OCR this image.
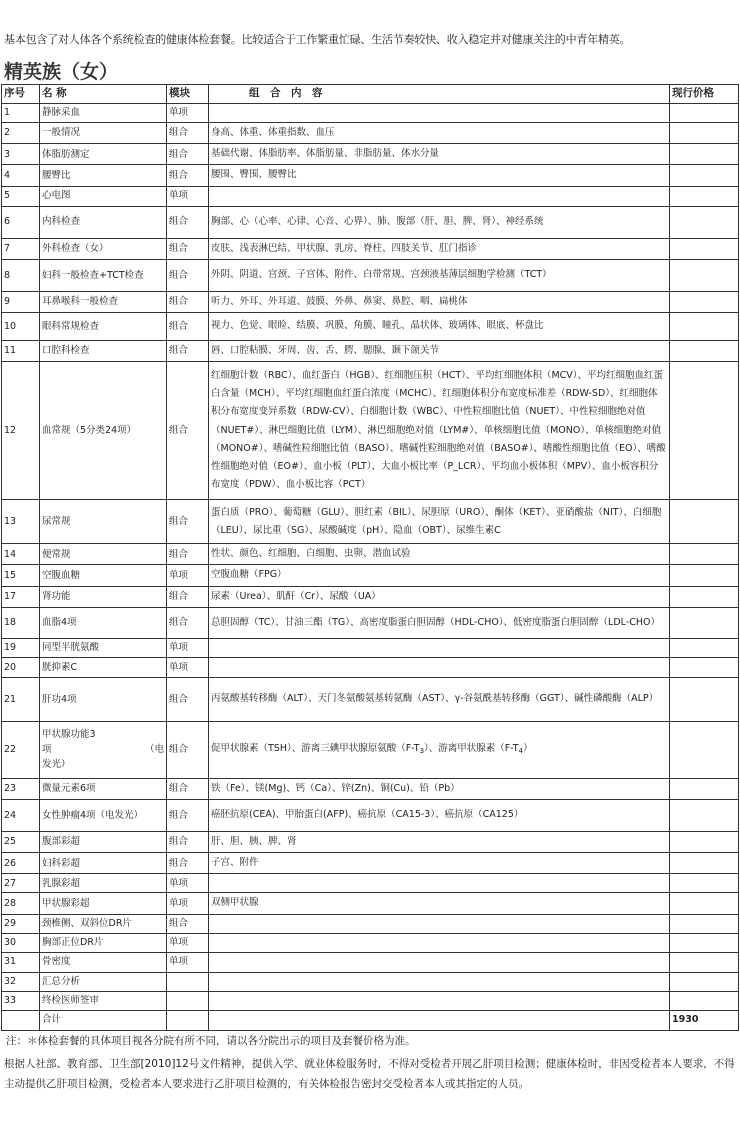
基本包含了对人体各个系统检查的健康体检套餐。比较适合于工作繁重忙碌、生活节奏较快、收入稳定并对健康关注的中青年精英。
精英族（女）
序号	名 称	模块	组　合　内　容	现行价格
1	静脉采血	单项		
2	一般情况	组合	身高、体重、体重指数、血压	
3	体脂肪测定	组合	基础代谢、体脂肪率、体脂肪量、非脂肪量、体水分量	
4	腰臀比	组合	腰围、臀围、腰臀比	
5	心电图	单项		
6	内科检查	组合	胸部、心（心率、心律、心音、心界）、肺、腹部（肝、胆、脾、肾）、神经系统	
7	外科检查（女）	组合	皮肤、浅表淋巴结、甲状腺、乳房、脊柱、四肢关节、肛门指诊	
8	妇科一般检查+TCT检查	组合	外阴、阴道、宫颈、子宫体、附件、白带常规、宫颈液基薄层细胞学检测（TCT）	
9	耳鼻喉科一般检查	组合	听力、外耳、外耳道、鼓膜、外鼻、鼻窦、鼻腔、咽、扁桃体	
10	眼科常规检查	组合	视力、色觉、眼睑、结膜、巩膜、角膜、瞳孔、晶状体、玻璃体、眼底、杯盘比	
11	口腔科检查	组合	唇、口腔粘膜、牙周、齿、舌、腭、腮腺、颞下颌关节	
12	血常规（5分类24项）	组合	红细胞计数（RBC）、血红蛋白（HGB）、红细胞压积（HCT）、平均红细胞体积（MCV）、平均红细胞血红蛋白含量（MCH）、平均红细胞血红蛋白浓度（MCHC）、红细胞体积分布宽度标准差（RDW-SD）、红细胞体积分布宽度变异系数（RDW-CV）、白细胞计数（WBC）、中性粒细胞比值（NUET）、中性粒细胞绝对值（NUET#）、淋巴细胞比值（LYM）、淋巴细胞绝对值（LYM#）、单核细胞比值（MONO）、单核细胞绝对值（MONO#）、嗜碱性粒细胞比值（BASO）、嗜碱性粒细胞绝对值（BASO#）、嗜酸性细胞比值（EO）、嗜酸性细胞绝对值（EO#）、血小板（PLT）、大血小板比率（P_LCR）、平均血小板体积（MPV）、血小板容积分布宽度（PDW）、血小板比容（PCT）	
13	尿常规	组合	蛋白质（PRO）、葡萄糖（GLU）、胆红素（BIL）、尿胆原（URO）、酮体（KET）、亚硝酸盐（NIT）、白细胞（LEU）、尿比重（SG）、尿酸碱度（pH）、隐血（OBT）、尿维生素C	
14	便常规	组合	性状、颜色、红细胞、白细胞、虫卵、潜血试验	
15	空腹血糖	单项	空腹血糖（FPG）	
17	肾功能	组合	尿素（Urea）、肌酐（Cr）、尿酸（UA）	
18	血脂4项	组合	总胆固醇（TC）、甘油三酯（TG）、高密度脂蛋白胆固醇（HDL-CHO）、低密度脂蛋白胆固醇（LDL-CHO）	
19	同型半胱氨酸	单项		
20	胱抑素C	单项		
21	肝功4项	组合	丙氨酸基转移酶（ALT）、天门冬氨酸氨基转氨酶（AST）、γ-谷氨酰基转移酶（GGT）、碱性磷酸酶（ALP）	
22	甲状腺功能3
项 （电
发光）	组合	促甲状腺素（TSH）、游离三碘甲状腺原氨酸$(F-T_3)$、游离甲状腺素$(F-T_4)$	
23	微量元素6项	组合	铁（Fe）、镁(Mg)、钙（Ca）、锌(Zn)、铜(Cu)、铅（Pb）	
24	女性肿瘤4项（电发光）	组合	癌胚抗原(CEA)、甲胎蛋白(AFP)、癌抗原（CA15-3）、癌抗原（CA125）	
25	腹部彩超	组合	肝、胆、胰、脾、肾	
26	妇科彩超	组合	子宫、附件	
27	乳腺彩超	单项		
28	甲状腺彩超	单项	双侧甲状腺	
29	颈椎侧、双斜位DR片	组合		
30	胸部正位DR片	单项		
31	骨密度	单项		
32	汇总分析			
33	终检医师签审			
	合计			1930
注：＊体检套餐的具体项目视各分院有所不同，请以各分院出示的项目及套餐价格为准。
根据人社部、教育部、卫生部[2010]12号文件精神，提供入学、就业体检服务时，不得对受检者开展乙肝项目检测；健康体检时，非因受检者本人要求，不得主动提供乙肝项目检测，受检者本人要求进行乙肝项目检测的，有关体检报告密封交受检者本人或其指定的人员。
